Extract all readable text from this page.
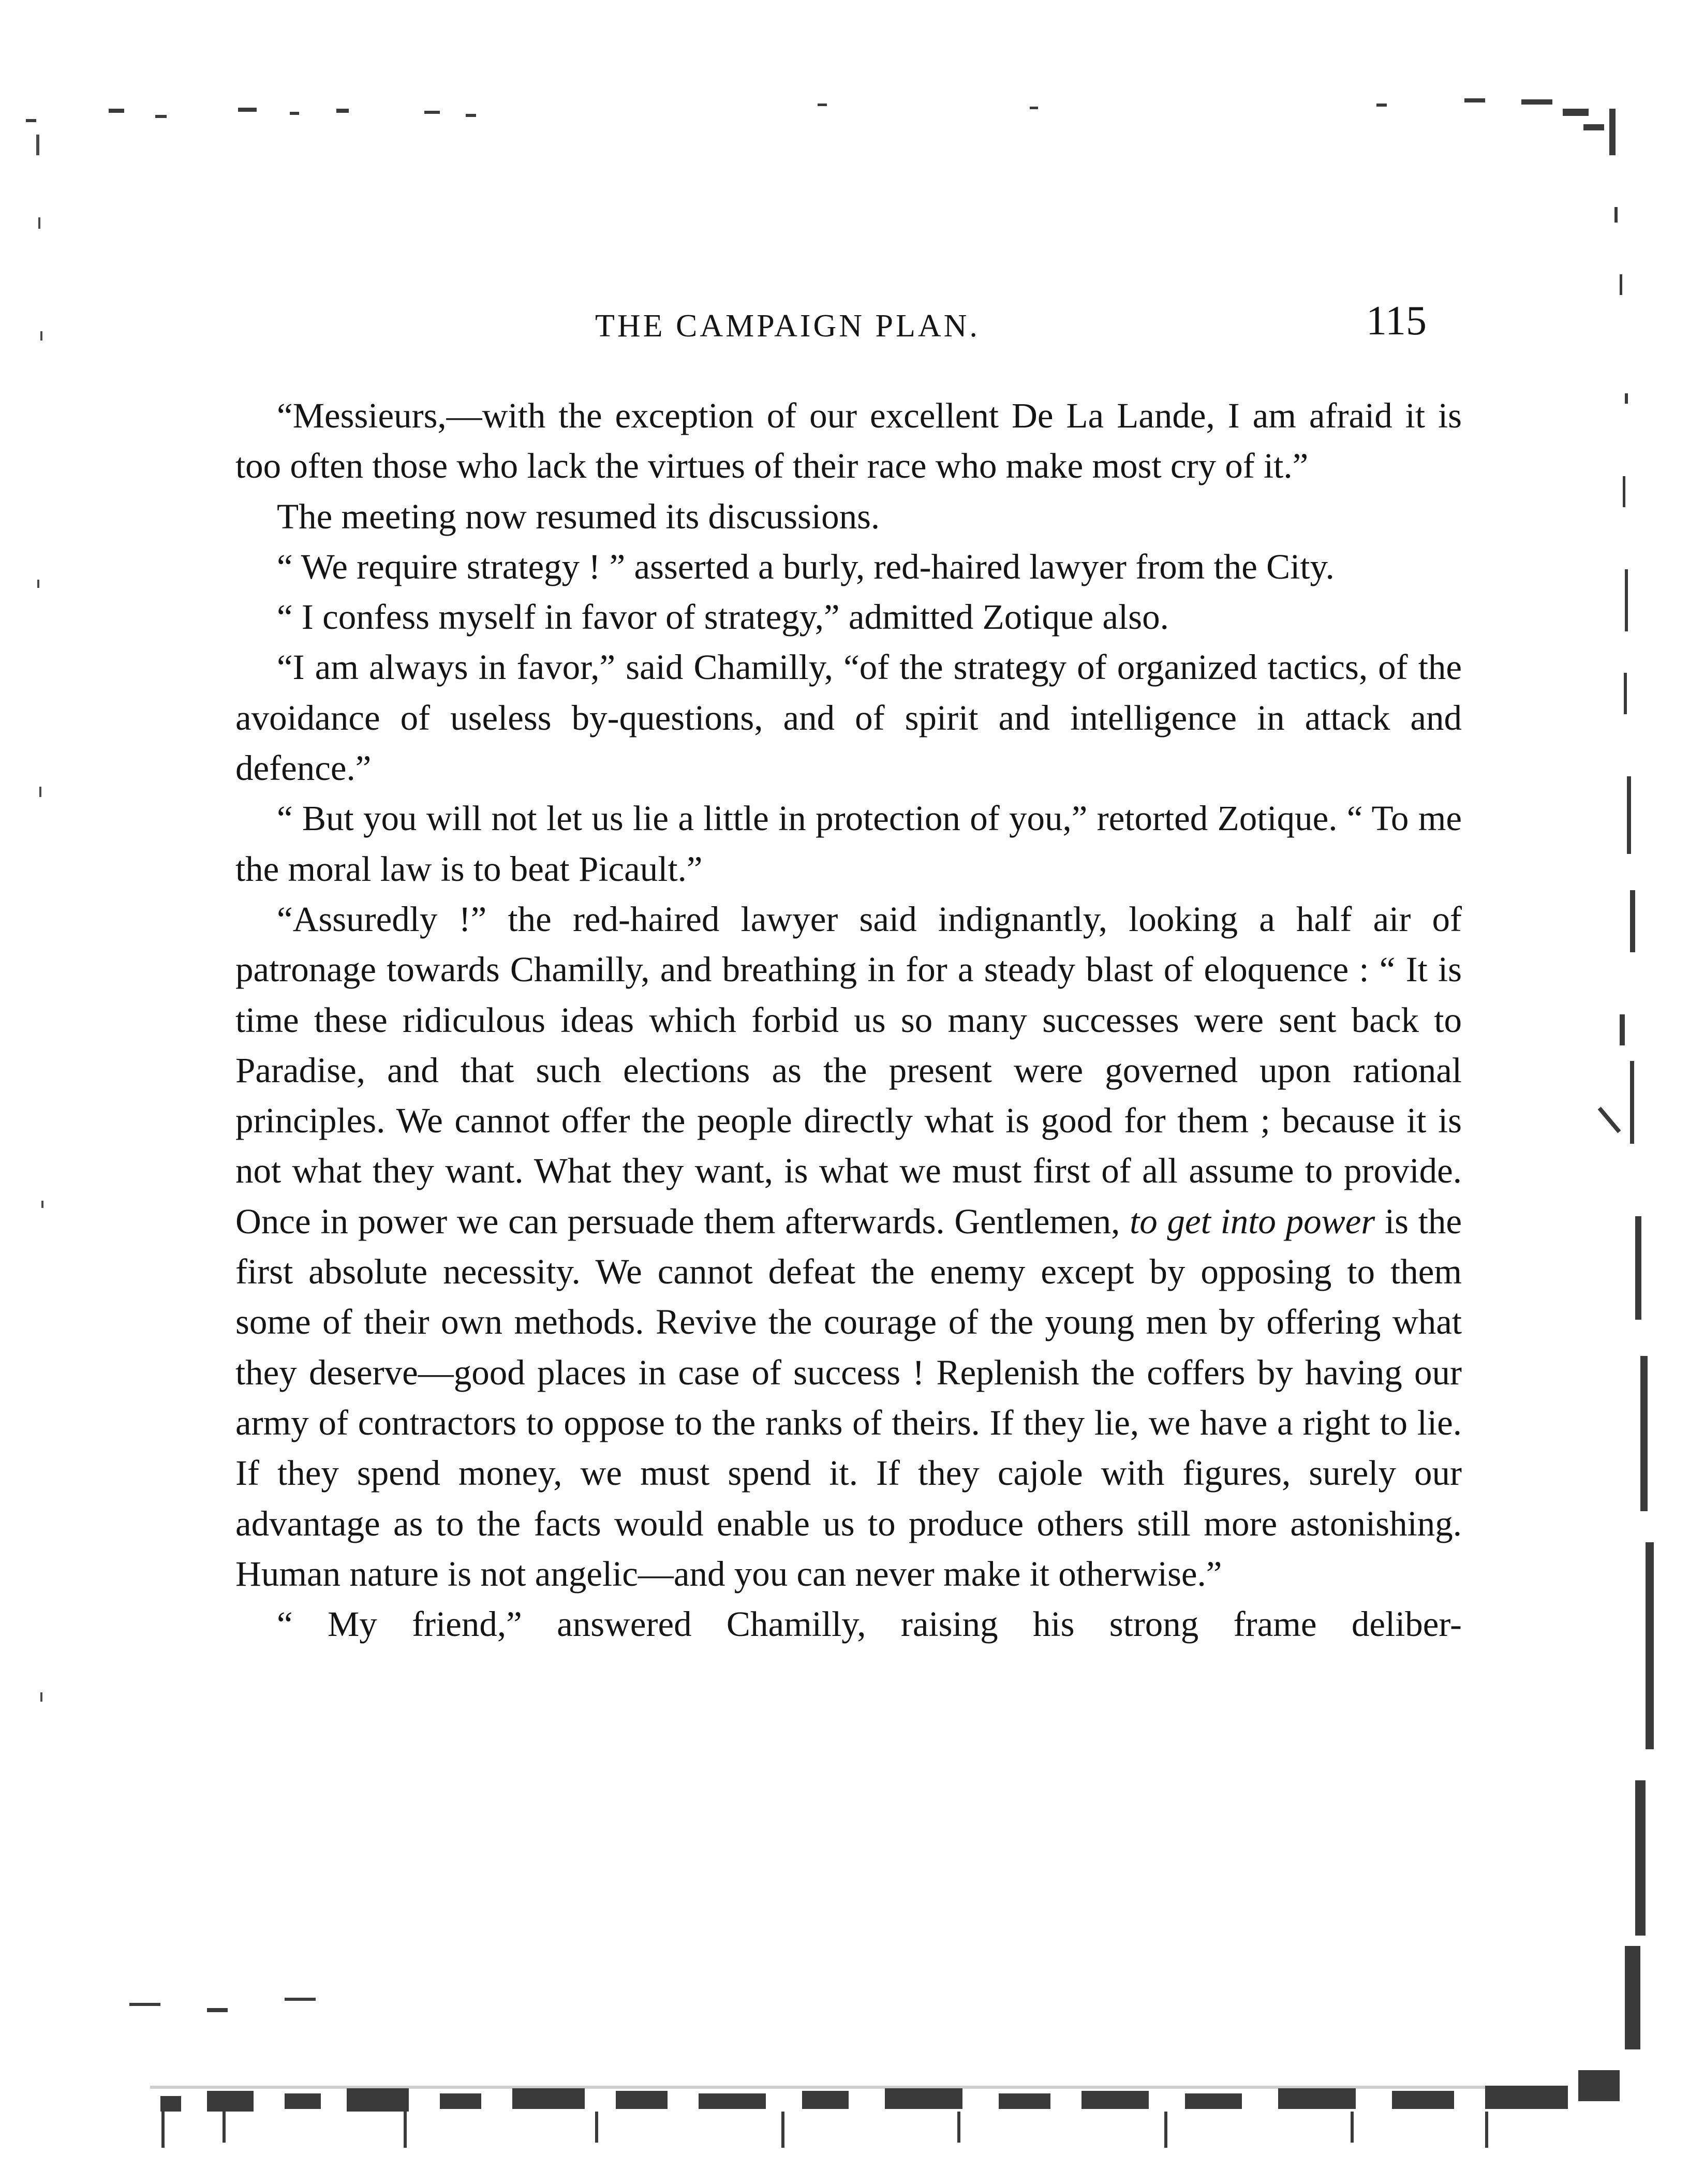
THE CAMPAIGN PLAN.	115

“Messieurs,—with the exception of our excellent De La Lande, I am afraid it is too often those who lack the virtues of their race who make most cry of it.”

The meeting now resumed its discussions.

“ We require strategy ! ” asserted a burly, red-haired lawyer from the City.

“ I confess myself in favor of strategy,” admitted Zotique also.

“I am always in favor,” said Chamilly, “of the strategy of organized tactics, of the avoidance of useless by-questions, and of spirit and intelligence in attack and defence.”

“ But you will not let us lie a little in protection of you,” retorted Zotique. “ To me the moral law is to beat Picault.”

“Assuredly !” the red-haired lawyer said indignantly, looking a half air of patronage towards Chamilly, and breathing in for a steady blast of eloquence : “ It is time these ridiculous ideas which forbid us so many successes were sent back to Paradise, and that such elections as the present were governed upon rational principles. We cannot offer the people directly what is good for them ; because it is not what they want. What they want, is what we must first of all assume to provide. Once in power we can persuade them afterwards. Gentlemen, to get into power is the first absolute necessity. We cannot defeat the enemy except by opposing to them some of their own methods. Revive the courage of the young men by offering what they deserve—good places in case of success ! Replenish the coffers by having our army of contractors to oppose to the ranks of theirs. If they lie, we have a right to lie. If they spend money, we must spend it. If they cajole with figures, surely our advantage as to the facts would enable us to produce others still more astonishing. Human nature is not angelic—and you can never make it otherwise.”

“ My friend,” answered Chamilly, raising his strong frame deliber-
